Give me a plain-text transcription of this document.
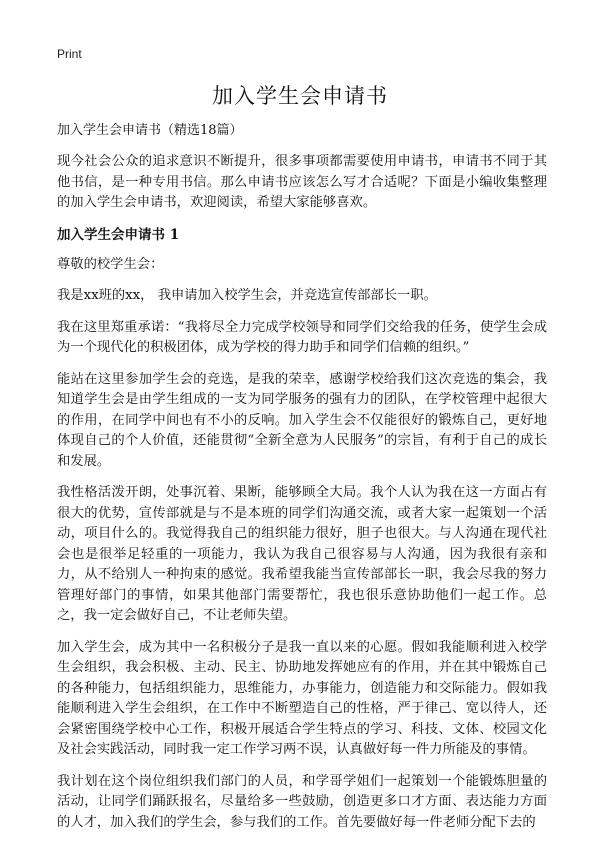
Print
加入学生会申请书

加入学生会申请书（精选18篇）

现今社会公众的追求意识不断提升，很多事项都需要使用申请书，申请书不同于其他书信，是一种专用书信。那么申请书应该怎么写才合适呢？下面是小编收集整理的加入学生会申请书，欢迎阅读，希望大家能够喜欢。

加入学生会申请书 1

尊敬的校学生会：

我是xx班的xx， 我申请加入校学生会，并竞选宣传部部长一职。

我在这里郑重承诺：“我将尽全力完成学校领导和同学们交给我的任务，使学生会成为一个现代化的积极团体，成为学校的得力助手和同学们信赖的组织。”

能站在这里参加学生会的竞选，是我的荣幸，感谢学校给我们这次竞选的集会，我知道学生会是由学生组成的一支为同学服务的强有力的团队，在学校管理中起很大的作用，在同学中间也有不小的反响。加入学生会不仅能很好的锻炼自己，更好地体现自己的个人价值，还能贯彻“全新全意为人民服务”的宗旨，有利于自己的成长和发展。

我性格活泼开朗，处事沉着、果断，能够顾全大局。我个人认为我在这一方面占有很大的优势，宣传部就是与不是本班的同学们沟通交流，或者大家一起策划一个活动，项目什么的。我觉得我自己的组织能力很好，胆子也很大。与人沟通在现代社会也是很举足轻重的一项能力，我认为我自己很容易与人沟通，因为我很有亲和力，从不给别人一种拘束的感觉。我希望我能当宣传部部长一职，我会尽我的努力管理好部门的事情，如果其他部门需要帮忙，我也很乐意协助他们一起工作。总之，我一定会做好自己，不让老师失望。

加入学生会，成为其中一名积极分子是我一直以来的心愿。假如我能顺利进入校学生会组织，我会积极、主动、民主、协助地发挥她应有的作用，并在其中锻炼自己的各种能力，包括组织能力，思维能力，办事能力，创造能力和交际能力。假如我能顺利进入学生会组织，在工作中不断塑造自己的性格，严于律己、宽以待人，还会紧密围绕学校中心工作，积极开展适合学生特点的学习、科技、文体、校园文化及社会实践活动，同时我一定工作学习两不误，认真做好每一件力所能及的事情。

我计划在这个岗位组织我们部门的人员，和学哥学姐们一起策划一个能锻炼胆量的活动，让同学们踊跃报名，尽量给多一些鼓励，创造更多口才方面、表达能力方面的人才，加入我们的学生会，参与我们的工作。首先要做好每一件老师分配下去的
